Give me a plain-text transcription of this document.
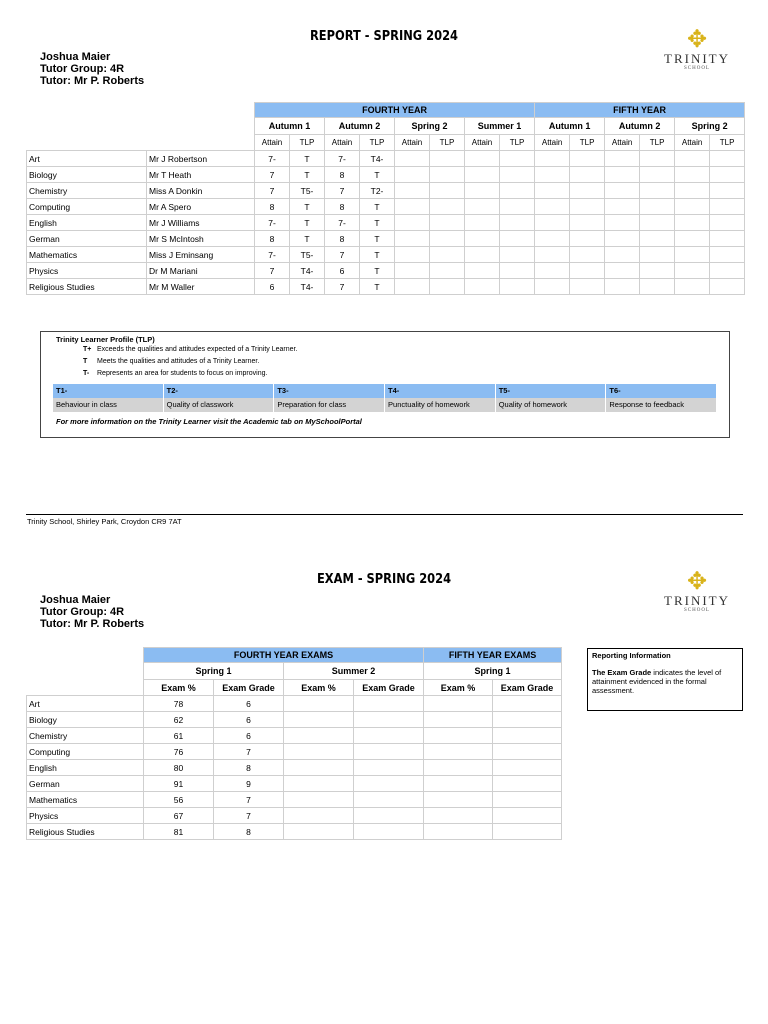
REPORT - SPRING 2024
Joshua Maier
Tutor Group: 4R
Tutor: Mr P. Roberts
✥
TRINITY
SCHOOL
		FOURTH YEAR								FIFTH YEAR					
		Autumn 1		Autumn 2		Spring 2		Summer 1		Autumn 1		Autumn 2		Spring 2	
		Attain	TLP	Attain	TLP	Attain	TLP	Attain	TLP	Attain	TLP	Attain	TLP	Attain	TLP
Art	Mr J Robertson	7-	T	7-	T4-										
Biology	Mr T Heath	7	T	8	T										
Chemistry	Miss A Donkin	7	T5-	7	T2-										
Computing	Mr A Spero	8	T	8	T										
English	Mr J Williams	7-	T	7-	T										
German	Mr S McIntosh	8	T	8	T										
Mathematics	Miss J Eminsang	7-	T5-	7	T										
Physics	Dr M Mariani	7	T4-	6	T										
Religious Studies	Mr M Waller	6	T4-	7	T										
Trinity Learner Profile (TLP)
T+ Exceeds the qualities and attitudes expected of a Trinity Learner.
T Meets the qualities and attitudes of a Trinity Learner.
T- Represents an area for students to focus on improving.
T1-	T2-	T3-	T4-	T5-	T6-
Behaviour in class	Quality of classwork	Preparation for class	Punctuality of homework	Quality of homework	Response to feedback
For more information on the Trinity Learner visit the Academic tab on MySchoolPortal
Trinity School, Shirley Park, Croydon CR9 7AT
EXAM - SPRING 2024
Joshua Maier
Tutor Group: 4R
Tutor: Mr P. Roberts
✥
TRINITY
SCHOOL
	FOURTH YEAR EXAMS				FIFTH YEAR EXAMS	
	Spring 1		Summer 2		Spring 1	
	Exam %	Exam Grade	Exam %	Exam Grade	Exam %	Exam Grade
Art	78	6				
Biology	62	6				
Chemistry	61	6				
Computing	76	7				
English	80	8				
German	91	9				
Mathematics	56	7				
Physics	67	7				
Religious Studies	81	8				
Reporting Information
The Exam Grade indicates the level of attainment evidenced in the formal assessment.
